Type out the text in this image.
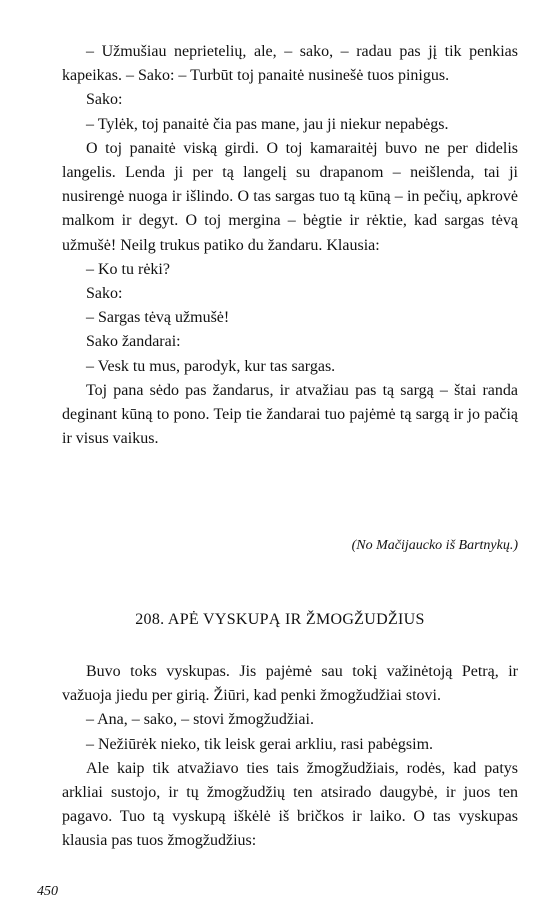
– Užmušiau neprietelių, ale, – sako, – radau pas jį tik penkias kapeikas. – Sako: – Turbūt toj panaitė nusinešė tuos pinigus.

Sako:

– Tylėk, toj panaitė čia pas mane, jau ji niekur nepabėgs.

O toj panaitė viską girdi. O toj kamaraitėj buvo ne per didelis langelis. Lenda ji per tą langelį su drapanom – neišlenda, tai ji nusirengė nuoga ir išlindo. O tas sargas tuo tą kūną – in pečių, apkrovė malkom ir degyt. O toj mergina – bėgtie ir rėktie, kad sargas tėvą užmušė! Neilg trukus patiko du žandaru. Klausia:

– Ko tu rėki?

Sako:

– Sargas tėvą užmušė!

Sako žandarai:

– Vesk tu mus, parodyk, kur tas sargas.

Toj pana sėdo pas žandarus, ir atvažiau pas tą sargą – štai randa deginant kūną to pono. Teip tie žandarai tuo pajėmė tą sargą ir jo pačią ir visus vaikus.

(No Mačijaucko iš Bartnykų.)
208. APĖ VYSKUPĄ IR ŽMOGŽUDŽIUS

Buvo toks vyskupas. Jis pajėmė sau tokį važinėtoją Petrą, ir važuoja jiedu per girią. Žiūri, kad penki žmogžudžiai stovi.

– Ana, – sako, – stovi žmogžudžiai.

– Nežiūrėk nieko, tik leisk gerai arkliu, rasi pabėgsim.

Ale kaip tik atvažiavo ties tais žmogžudžiais, rodės, kad patys arkliai sustojo, ir tų žmogžudžių ten atsirado daugybė, ir juos ten pagavo. Tuo tą vyskupą iškėlė iš bričkos ir laiko. O tas vyskupas klausia pas tuos žmogžudžius:

450
